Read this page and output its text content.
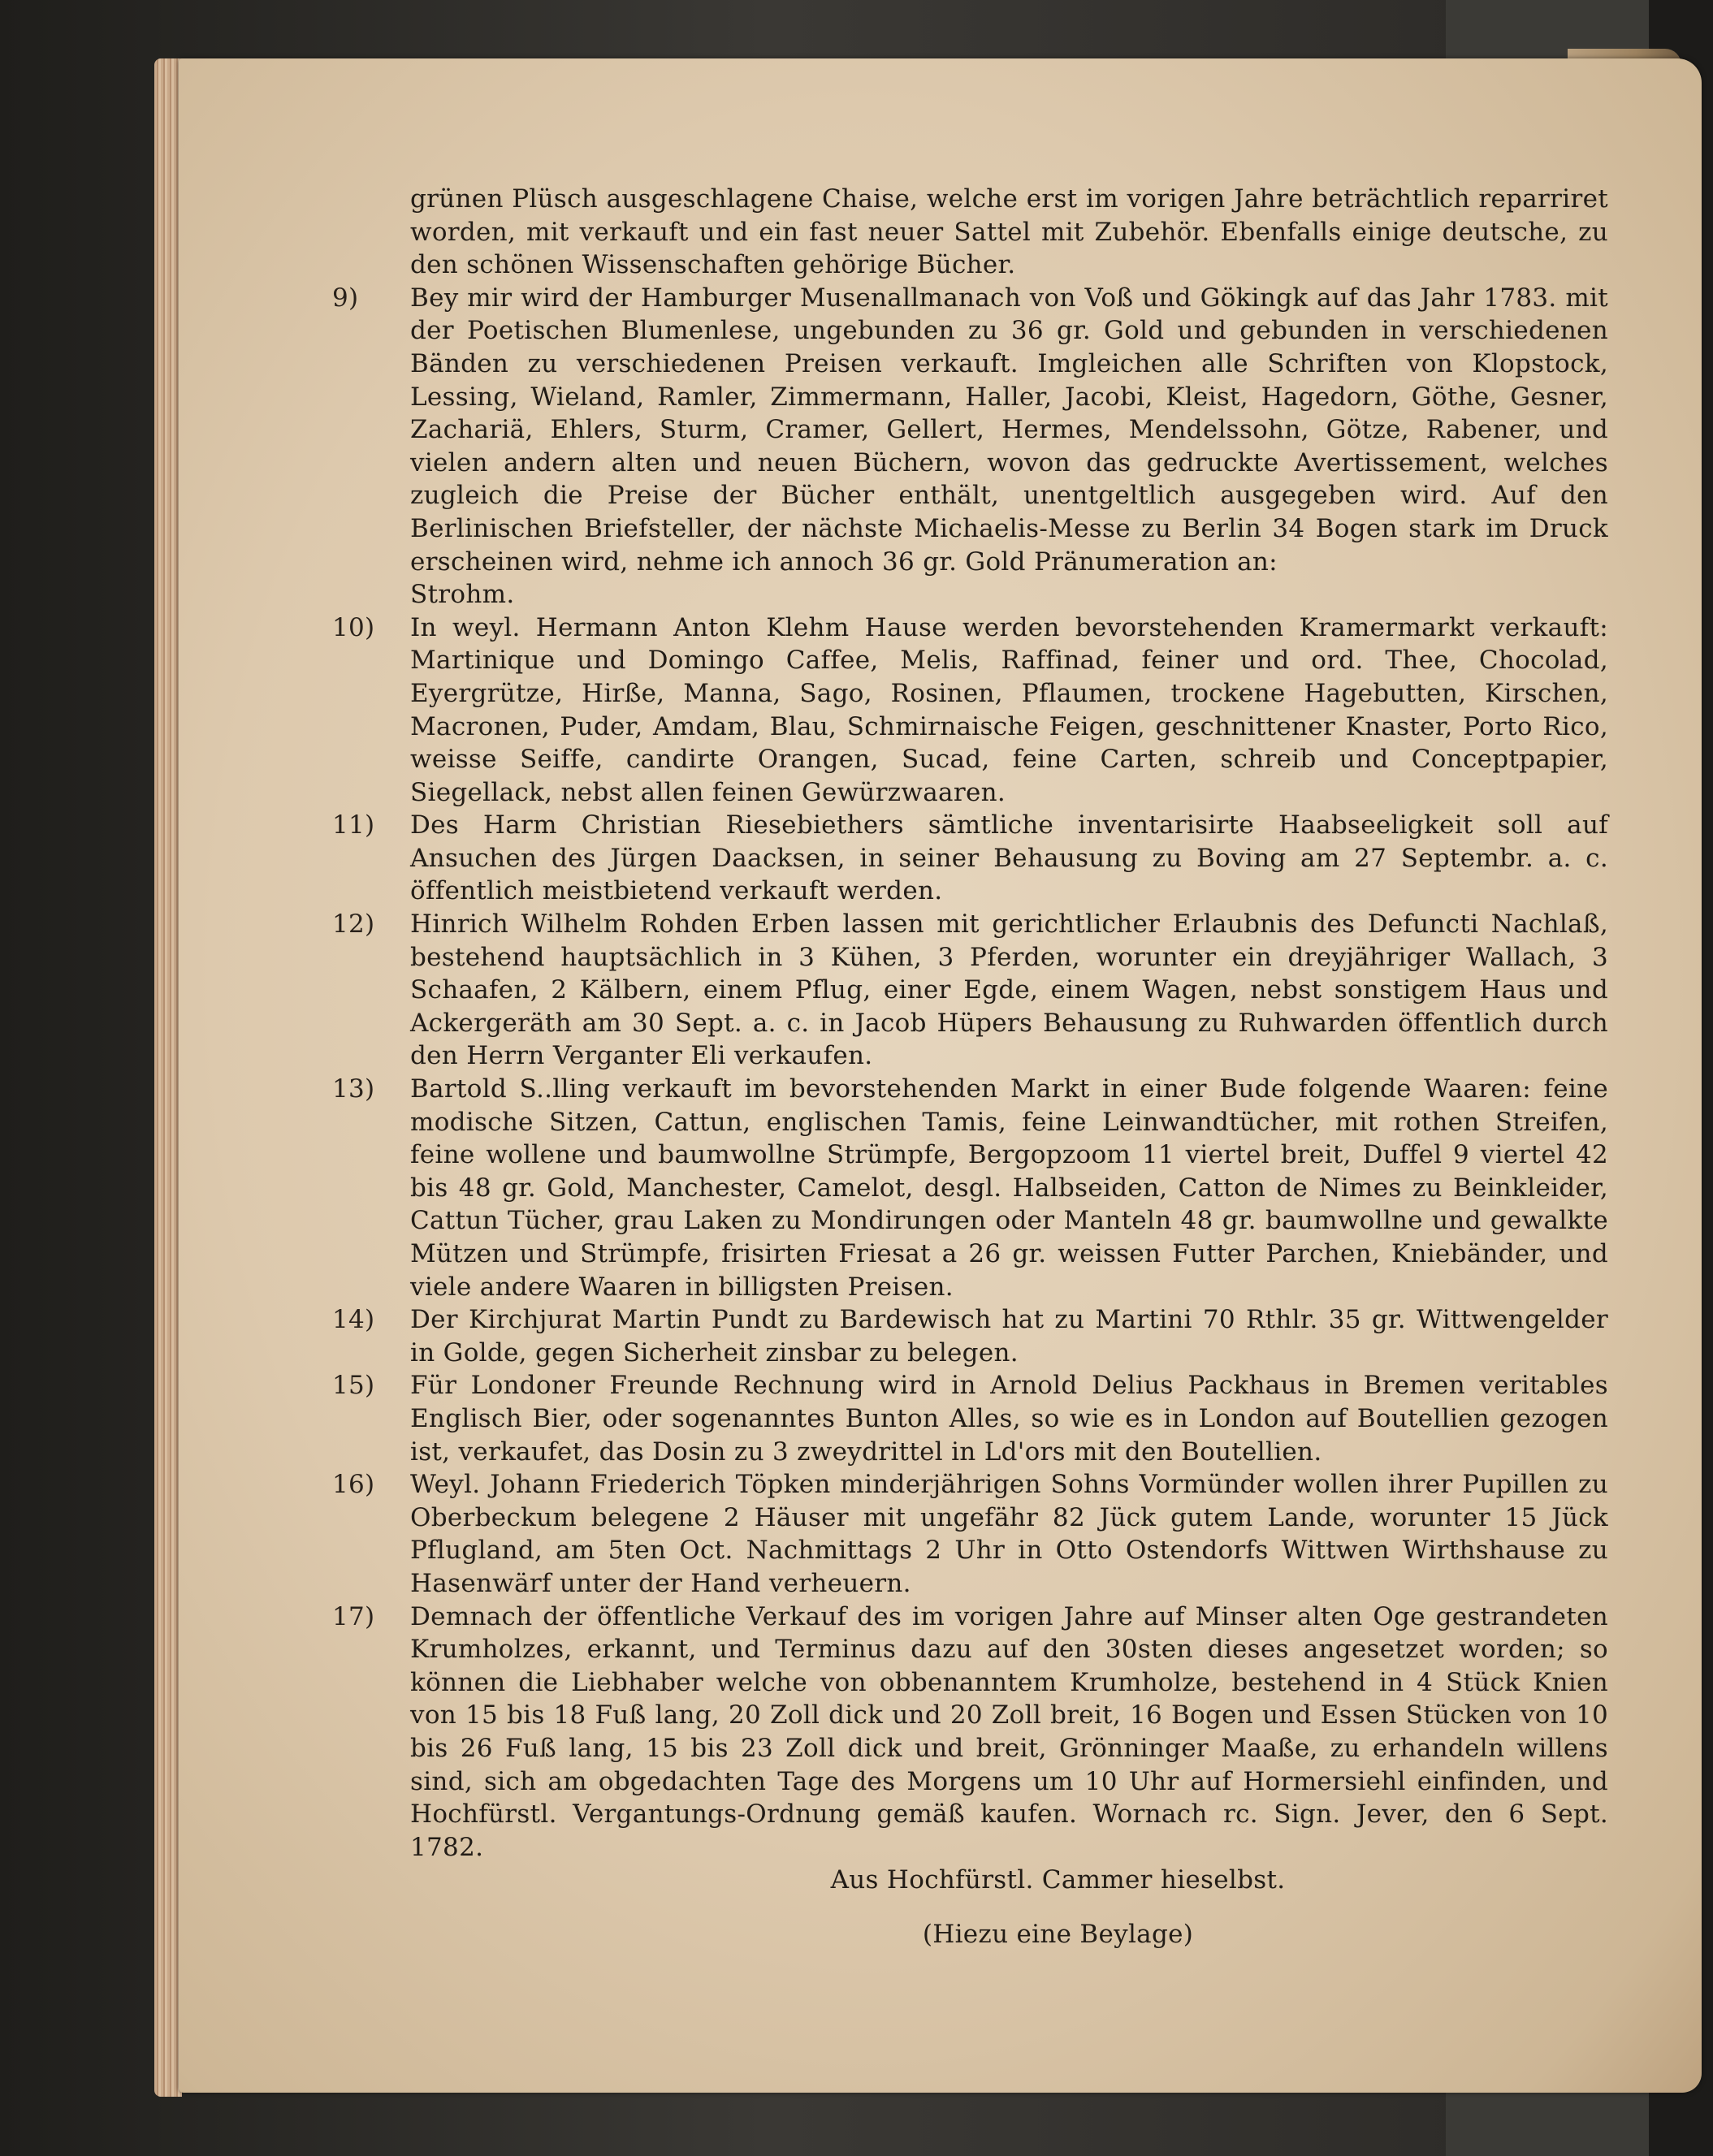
grünen Plüsch ausgeschlagene Chaise, welche erst im vorigen Jahre beträchtlich reparriret worden, mit verkauft und ein fast neuer Sattel mit Zubehör. Ebenfalls einige deutsche, zu den schönen Wissenschaften gehörige Bücher.
9) Bey mir wird der Hamburger Musenallmanach von Voß und Gökingk auf das Jahr 1783. mit der Poetischen Blumenlese, ungebunden zu 36 gr. Gold und gebunden in verschiedenen Bänden zu verschiedenen Preisen verkauft. Imgleichen alle Schriften von Klopstock, Lessing, Wieland, Ramler, Zimmermann, Haller, Jacobi, Kleist, Hagedorn, Göthe, Gesner, Zachariä, Ehlers, Sturm, Cramer, Gellert, Hermes, Mendelssohn, Götze, Rabener, und vielen andern alten und neuen Büchern, wovon das gedruckte Avertissement, welches zugleich die Preise der Bücher enthält, unentgeltlich ausgegeben wird. Auf den Berlinischen Briefsteller, der nächste Michaelis-Messe zu Berlin 34 Bogen stark im Druck erscheinen wird, nehme ich annoch 36 gr. Gold Pränumeration an:
Strohm.
10) In weyl. Hermann Anton Klehm Hause werden bevorstehenden Kramermarkt verkauft: Martinique und Domingo Caffee, Melis, Raffinad, feiner und ord. Thee, Chocolad, Eyergrütze, Hirße, Manna, Sago, Rosinen, Pflaumen, trockene Hagebutten, Kirschen, Macronen, Puder, Amdam, Blau, Schmirnaische Feigen, geschnittener Knaster, Porto Rico, weisse Seiffe, candirte Orangen, Sucad, feine Carten, schreib und Conceptpapier, Siegellack, nebst allen feinen Gewürzwaaren.
11) Des Harm Christian Riesebiethers sämtliche inventarisirte Haabseeligkeit soll auf Ansuchen des Jürgen Daacksen, in seiner Behausung zu Boving am 27 Septembr. a. c. öffentlich meistbietend verkauft werden.
12) Hinrich Wilhelm Rohden Erben lassen mit gerichtlicher Erlaubnis des Defuncti Nachlaß, bestehend hauptsächlich in 3 Kühen, 3 Pferden, worunter ein dreyjähriger Wallach, 3 Schaafen, 2 Kälbern, einem Pflug, einer Egde, einem Wagen, nebst sonstigem Haus und Ackergeräth am 30 Sept. a. c. in Jacob Hüpers Behausung zu Ruhwarden öffentlich durch den Herrn Verganter Eli verkaufen.
13) Bartold S..lling verkauft im bevorstehenden Markt in einer Bude folgende Waaren: feine modische Sitzen, Cattun, englischen Tamis, feine Leinwandtücher, mit rothen Streifen, feine wollene und baumwollne Strümpfe, Bergopzoom 11 viertel breit, Duffel 9 viertel 42 bis 48 gr. Gold, Manchester, Camelot, desgl. Halbseiden, Catton de Nimes zu Beinkleider, Cattun Tücher, grau Laken zu Mondirungen oder Manteln 48 gr. baumwollne und gewalkte Mützen und Strümpfe, frisirten Friesat a 26 gr. weissen Futter Parchen, Kniebänder, und viele andere Waaren in billigsten Preisen.
14) Der Kirchjurat Martin Pundt zu Bardewisch hat zu Martini 70 Rthlr. 35 gr. Wittwengelder in Golde, gegen Sicherheit zinsbar zu belegen.
15) Für Londoner Freunde Rechnung wird in Arnold Delius Packhaus in Bremen veritables Englisch Bier, oder sogenanntes Bunton Alles, so wie es in London auf Boutellien gezogen ist, verkaufet, das Dosin zu 3 zweydrittel in Ld'ors mit den Boutellien.
16) Weyl. Johann Friederich Töpken minderjährigen Sohns Vormünder wollen ihrer Pupillen zu Oberbeckum belegene 2 Häuser mit ungefähr 82 Jück gutem Lande, worunter 15 Jück Pflugland, am 5ten Oct. Nachmittags 2 Uhr in Otto Ostendorfs Wittwen Wirthshause zu Hasenwärf unter der Hand verheuern.
17) Demnach der öffentliche Verkauf des im vorigen Jahre auf Minser alten Oge gestrandeten Krumholzes, erkannt, und Terminus dazu auf den 30sten dieses angesetzet worden; so können die Liebhaber welche von obbenanntem Krumholze, bestehend in 4 Stück Knien von 15 bis 18 Fuß lang, 20 Zoll dick und 20 Zoll breit, 16 Bogen und Essen Stücken von 10 bis 26 Fuß lang, 15 bis 23 Zoll dick und breit, Grönninger Maaße, zu erhandeln willens sind, sich am obgedachten Tage des Morgens um 10 Uhr auf Hormersiehl einfinden, und Hochfürstl. Vergantungs-Ordnung gemäß kaufen. Wornach rc. Sign. Jever, den 6 Sept. 1782.
Aus Hochfürstl. Cammer hieselbst.
(Hiezu eine Beylage)
